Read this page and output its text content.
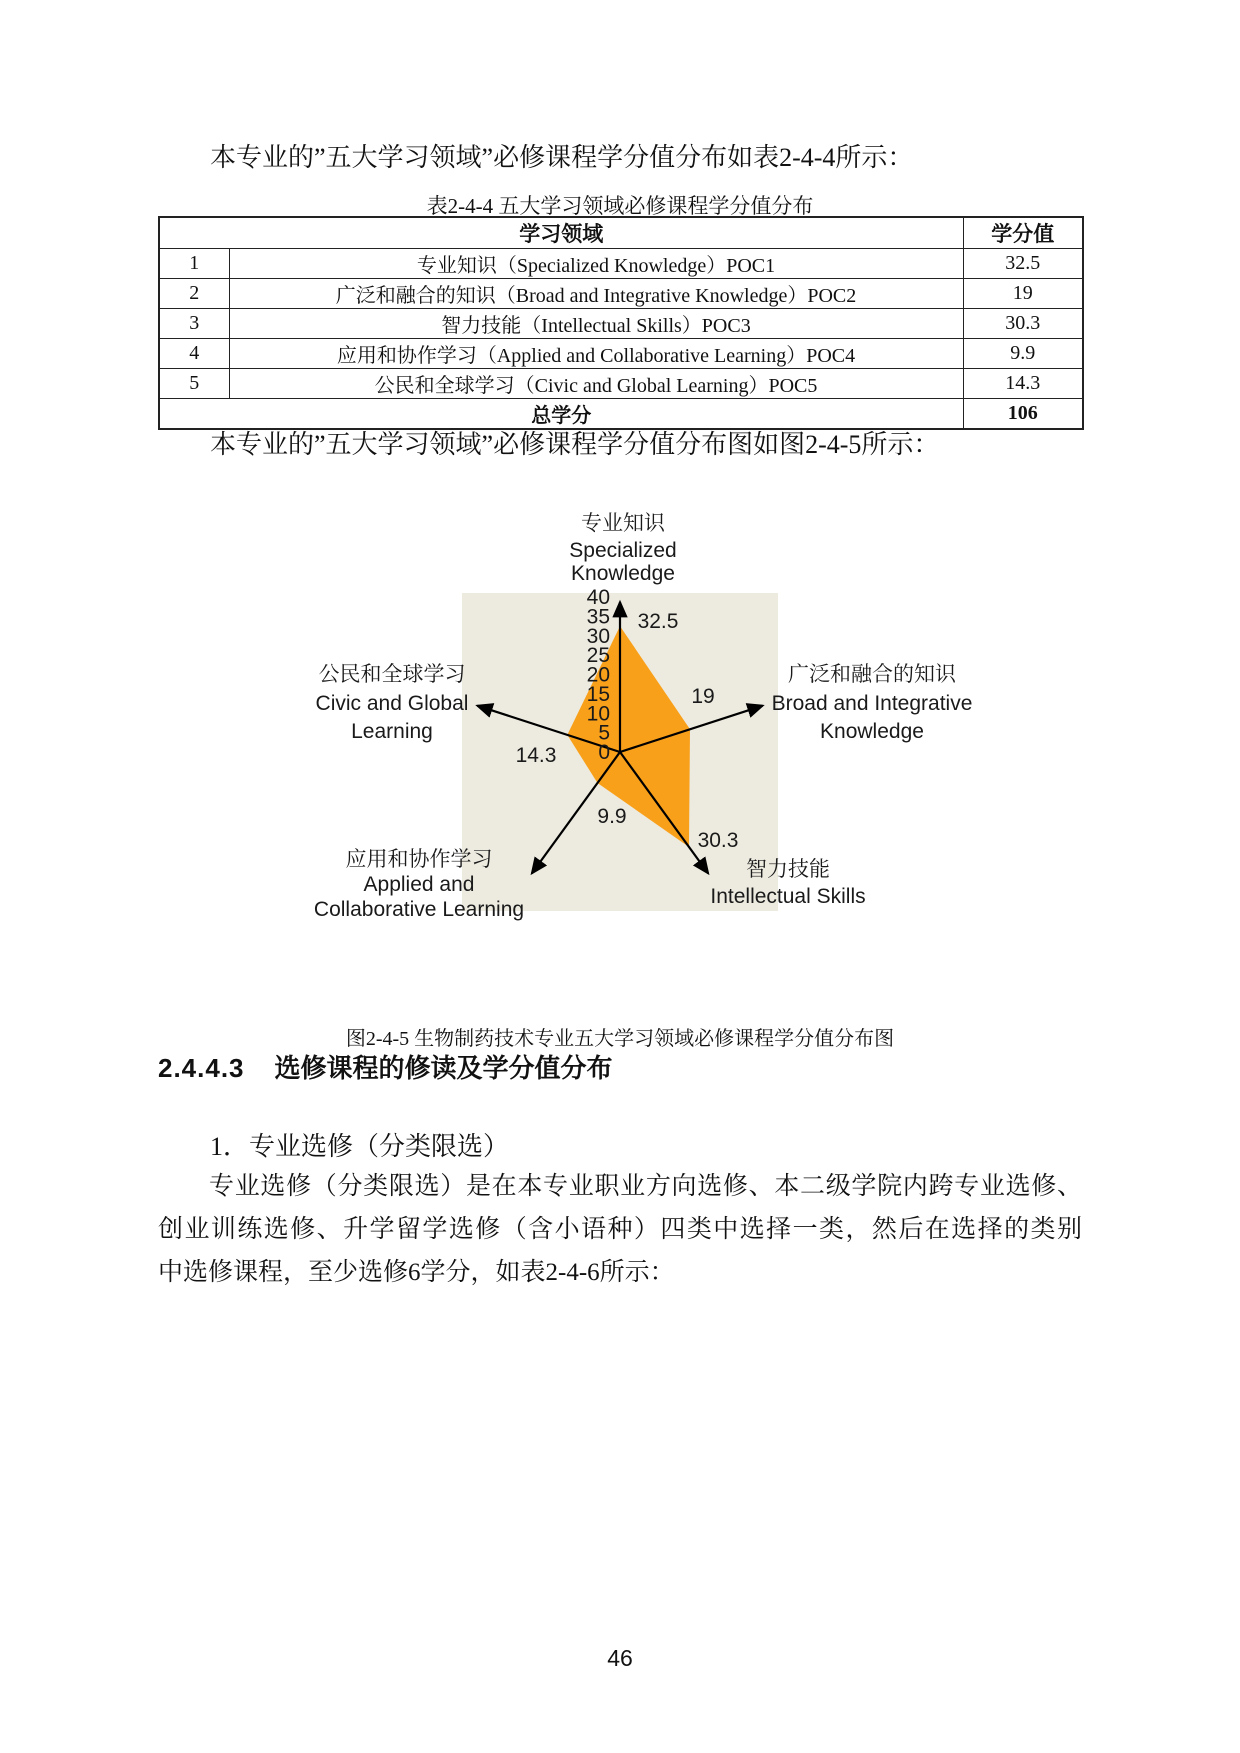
本专业的”五大学习领域”必修课程学分值分布如表2-4-4所示：

表2-4-4 五大学习领域必修课程学分值分布
学习领域		学分值
1	专业知识（Specialized Knowledge）POC1	32.5
2	广泛和融合的知识（Broad and Integrative Knowledge）POC2	19
3	智力技能（Intellectual Skills）POC3	30.3
4	应用和协作学习（Applied and Collaborative Learning）POC4	9.9
5	公民和全球学习（Civic and Global Learning）POC5	14.3
总学分		106

本专业的”五大学习领域”必修课程学分值分布图如图2-4-5所示：

0
5
10
15
20
25
30
35
40
32.5
19
30.3
9.9
14.3
专业知识
Specialized
Knowledge
广泛和融合的知识
Broad and Integrative
Knowledge
智力技能
Intellectual Skills
应用和协作学习
Applied and
Collaborative Learning
公民和全球学习
Civic and Global
Learning
图2-4-5 生物制药技术专业五大学习领域必修课程学分值分布图
2.4.4.3 选修课程的修读及学分值分布

1．专业选修（分类限选）

专业选修（分类限选）是在本专业职业方向选修、本二级学院内跨专业选修、
创业训练选修、升学留学选修（含小语种）四类中选择一类，然后在选择的类别
中选修课程，至少选修6学分，如表2-4-6所示：
46
